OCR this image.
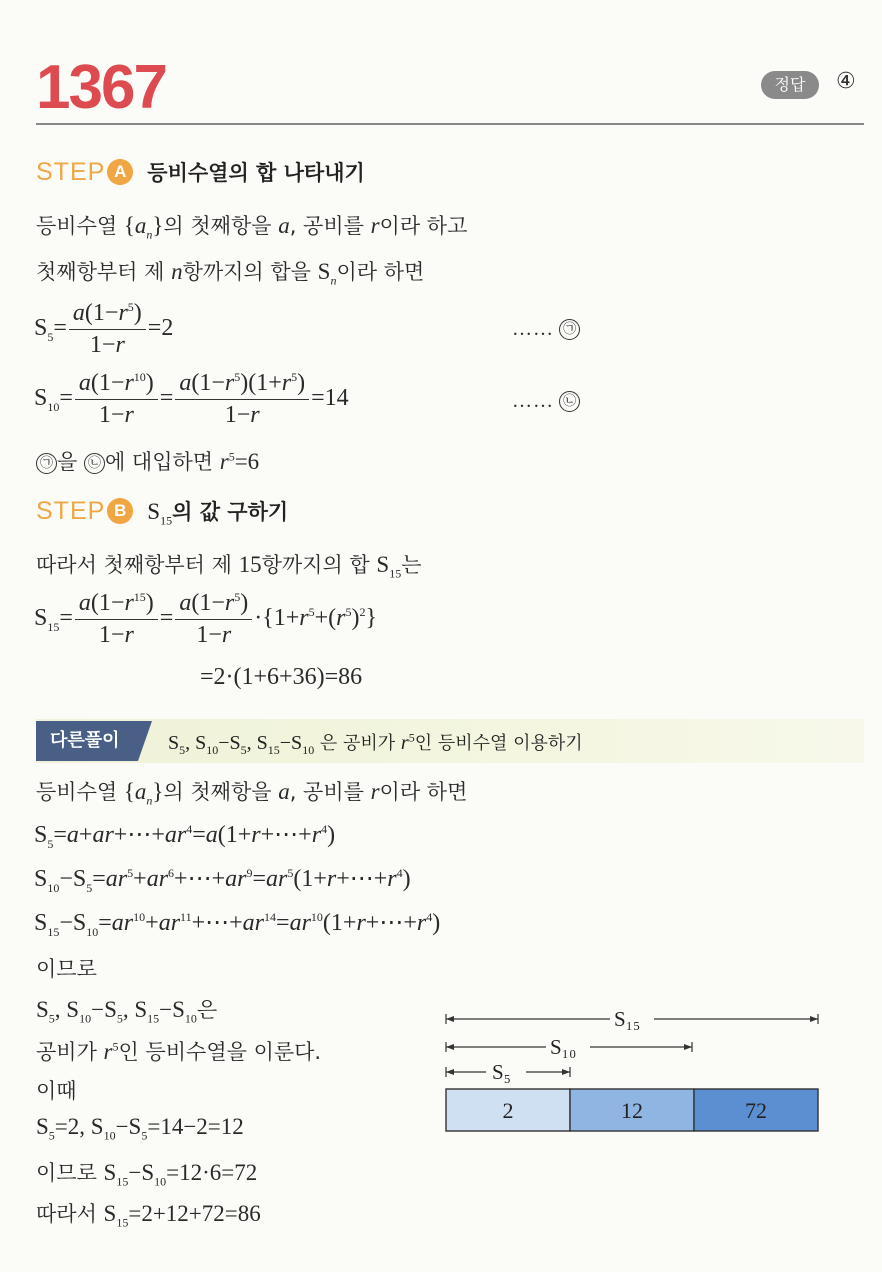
1367	정답	④
STEP A 등비수열의 합 나타내기
등비수열 $\{a_n\}$의 첫째항을 a, 공비를 r이라 하고
첫째항부터 제 n항까지의 합을 $S_n$이라 하면
$S_5= \frac{a(1-r^5)}{1-r} =2$	…… ㉠
$S_{10}= \frac{a(1-r^{10})}{1-r} = \frac{a(1-r^5)(1+r^5)}{1-r} =14$	…… ㉡
㉠ 을 ㉡ 에 대입하면 $r^5=6$
STEP B $S_{15}$의 값 구하기
따라서 첫째항부터 제 15항까지의 합 $S_{15}$는
$S_{15}= \frac{a(1-r^{15})}{1-r} = \frac{a(1-r^5)}{1-r} \cdot\{1+r^5+(r^5)^2\}$
=2·(1+6+36)=86
다른풀이	$S_5$, $S_{10}-S_5$, $S_{15}-S_{10}$ 은 공비가 $r^5$인 등비수열 이용하기
등비수열 $\{a_n\}$의 첫째항을 a, 공비를 r이라 하면
$S_5=a+ar+\cdots+ar^4=a(1+r+\cdots+r^4)$
$S_{10}-S_5=ar^5+ar^6+\cdots+ar^9=ar^5(1+r+\cdots+r^4)$
$S_{15}-S_{10}=ar^{10}+ar^{11}+\cdots+ar^{14}=ar^{10}(1+r+\cdots+r^4)$
이므로
$S_5$, $S_{10}-S_5$, $S_{15}-S_{10}$은
공비가 $r^5$인 등비수열을 이룬다.
이때
$S_5=2$, $S_{10}-S_5=14-2=12$
이므로 $S_{15}-S_{10}=12\cdot 6=72$
따라서 $S_{15}=2+12+72=86$
S₁₅
S₁₀
S₅
2	12	72
